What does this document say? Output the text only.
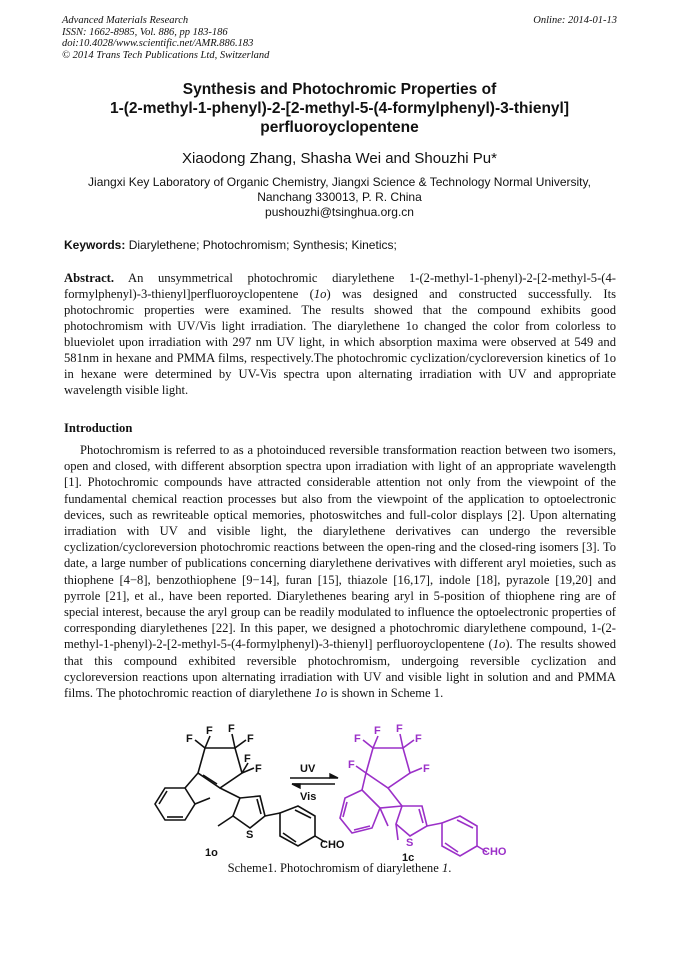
Advanced Materials Research
ISSN: 1662-8985, Vol. 886, pp 183-186
doi:10.4028/www.scientific.net/AMR.886.183
© 2014 Trans Tech Publications Ltd, Switzerland
Online: 2014-01-13
Synthesis and Photochromic Properties of
1-(2-methyl-1-phenyl)-2-[2-methyl-5-(4-formylphenyl)-3-thienyl]
perfluoroyclopentene
Xiaodong Zhang, Shasha Wei and Shouzhi Pu*
Jiangxi Key Laboratory of Organic Chemistry, Jiangxi Science & Technology Normal University,
Nanchang 330013, P. R. China
pushouzhi@tsinghua.org.cn
Keywords: Diarylethene; Photochromism; Synthesis; Kinetics;
Abstract. An unsymmetrical photochromic diarylethene 1-(2-methyl-1-phenyl)-2-[2-methyl-5-(4-formylphenyl)-3-thienyl]perfluoroyclopentene (1o) was designed and constructed successfully. Its photochromic properties were examined. The results showed that the compound exhibits good photochromism with UV/Vis light irradiation. The diarylethene 1o changed the color from colorless to blueviolet upon irradiation with 297 nm UV light, in which absorption maxima were observed at 549 and 581nm in hexane and PMMA films, respectively.The photochromic cyclization/cycloreversion kinetics of 1o in hexane were determined by UV-Vis spectra upon alternating irradiation with UV and appropriate wavelength visible light.
Introduction
Photochromism is referred to as a photoinduced reversible transformation reaction between two isomers, open and closed, with different absorption spectra upon irradiation with light of an appropriate wavelength [1]. Photochromic compounds have attracted considerable attention not only from the viewpoint of the fundamental chemical reaction processes but also from the viewpoint of the application to optoelectronic devices, such as rewriteable optical memories, photoswitches and full-color displays [2]. Upon alternating irradiation with UV and visible light, the diarylethene derivatives can undergo the reversible cyclization/cycloreversion photochromic reactions between the open-ring and the closed-ring isomers [3]. To date, a large number of publications concerning diarylethene derivatives with different aryl moieties, such as thiophene [4−8], benzothiophene [9−14], furan [15], thiazole [16,17], indole [18], pyrazole [19,20] and pyrrole [21], et al., have been reported. Diarylethenes bearing aryl in 5-position of thiophene ring are of special interest, because the aryl group can be readily modulated to influence the optoelectronic properties of corresponding diarylethenes [22]. In this paper, we designed a photochromic diarylethene compound, 1-(2-methyl-1-phenyl)-2-[2-methyl-5-(4-formylphenyl)-3-thienyl] perfluoroyclopentene (1o). The results showed that this compound exhibited reversible photochromism, undergoing reversible cyclization and cycloreversion reactions upon alternating irradiation with UV and visible light in solution and and PMMA films. The photochromic reaction of diarylethene 1o is shown in Scheme 1.
F
F F
F
F
F
S
CHO
1o
UV
Vis
F
F F
F
F
F
S
CHO
1c
Scheme1. Photochromism of diarylethene 1.
